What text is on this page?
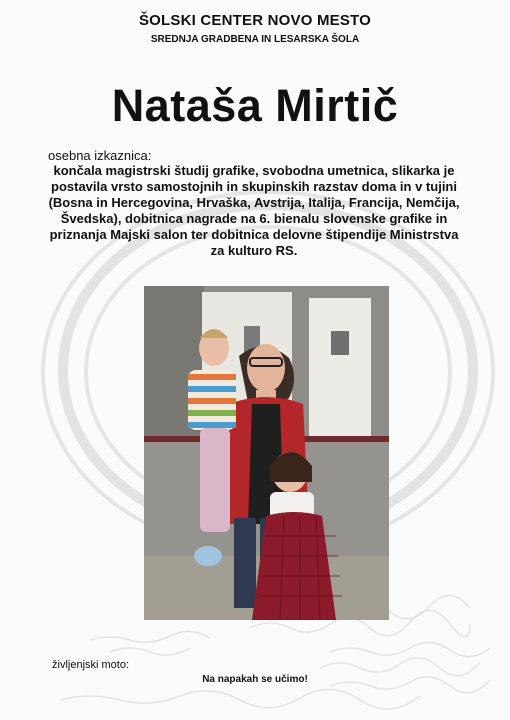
ŠOLSKI CENTER NOVO MESTO
SREDNJA GRADBENA IN LESARSKA ŠOLA
Nataša Mirtič
osebna izkaznica:
končala magistrski študij grafike, svobodna umetnica, slikarka je postavila vrsto samostojnih in skupinskih razstav doma in v tujini (Bosna in Hercegovina, Hrvaška, Avstrija, Italija, Francija, Nemčija, Švedska), dobitnica nagrade na 6. bienalu slovenske grafike in priznanja Majski salon ter dobitnica delovne štipendije Ministrstva za kulturo RS.
življenjski moto:
Na napakah se učimo!
